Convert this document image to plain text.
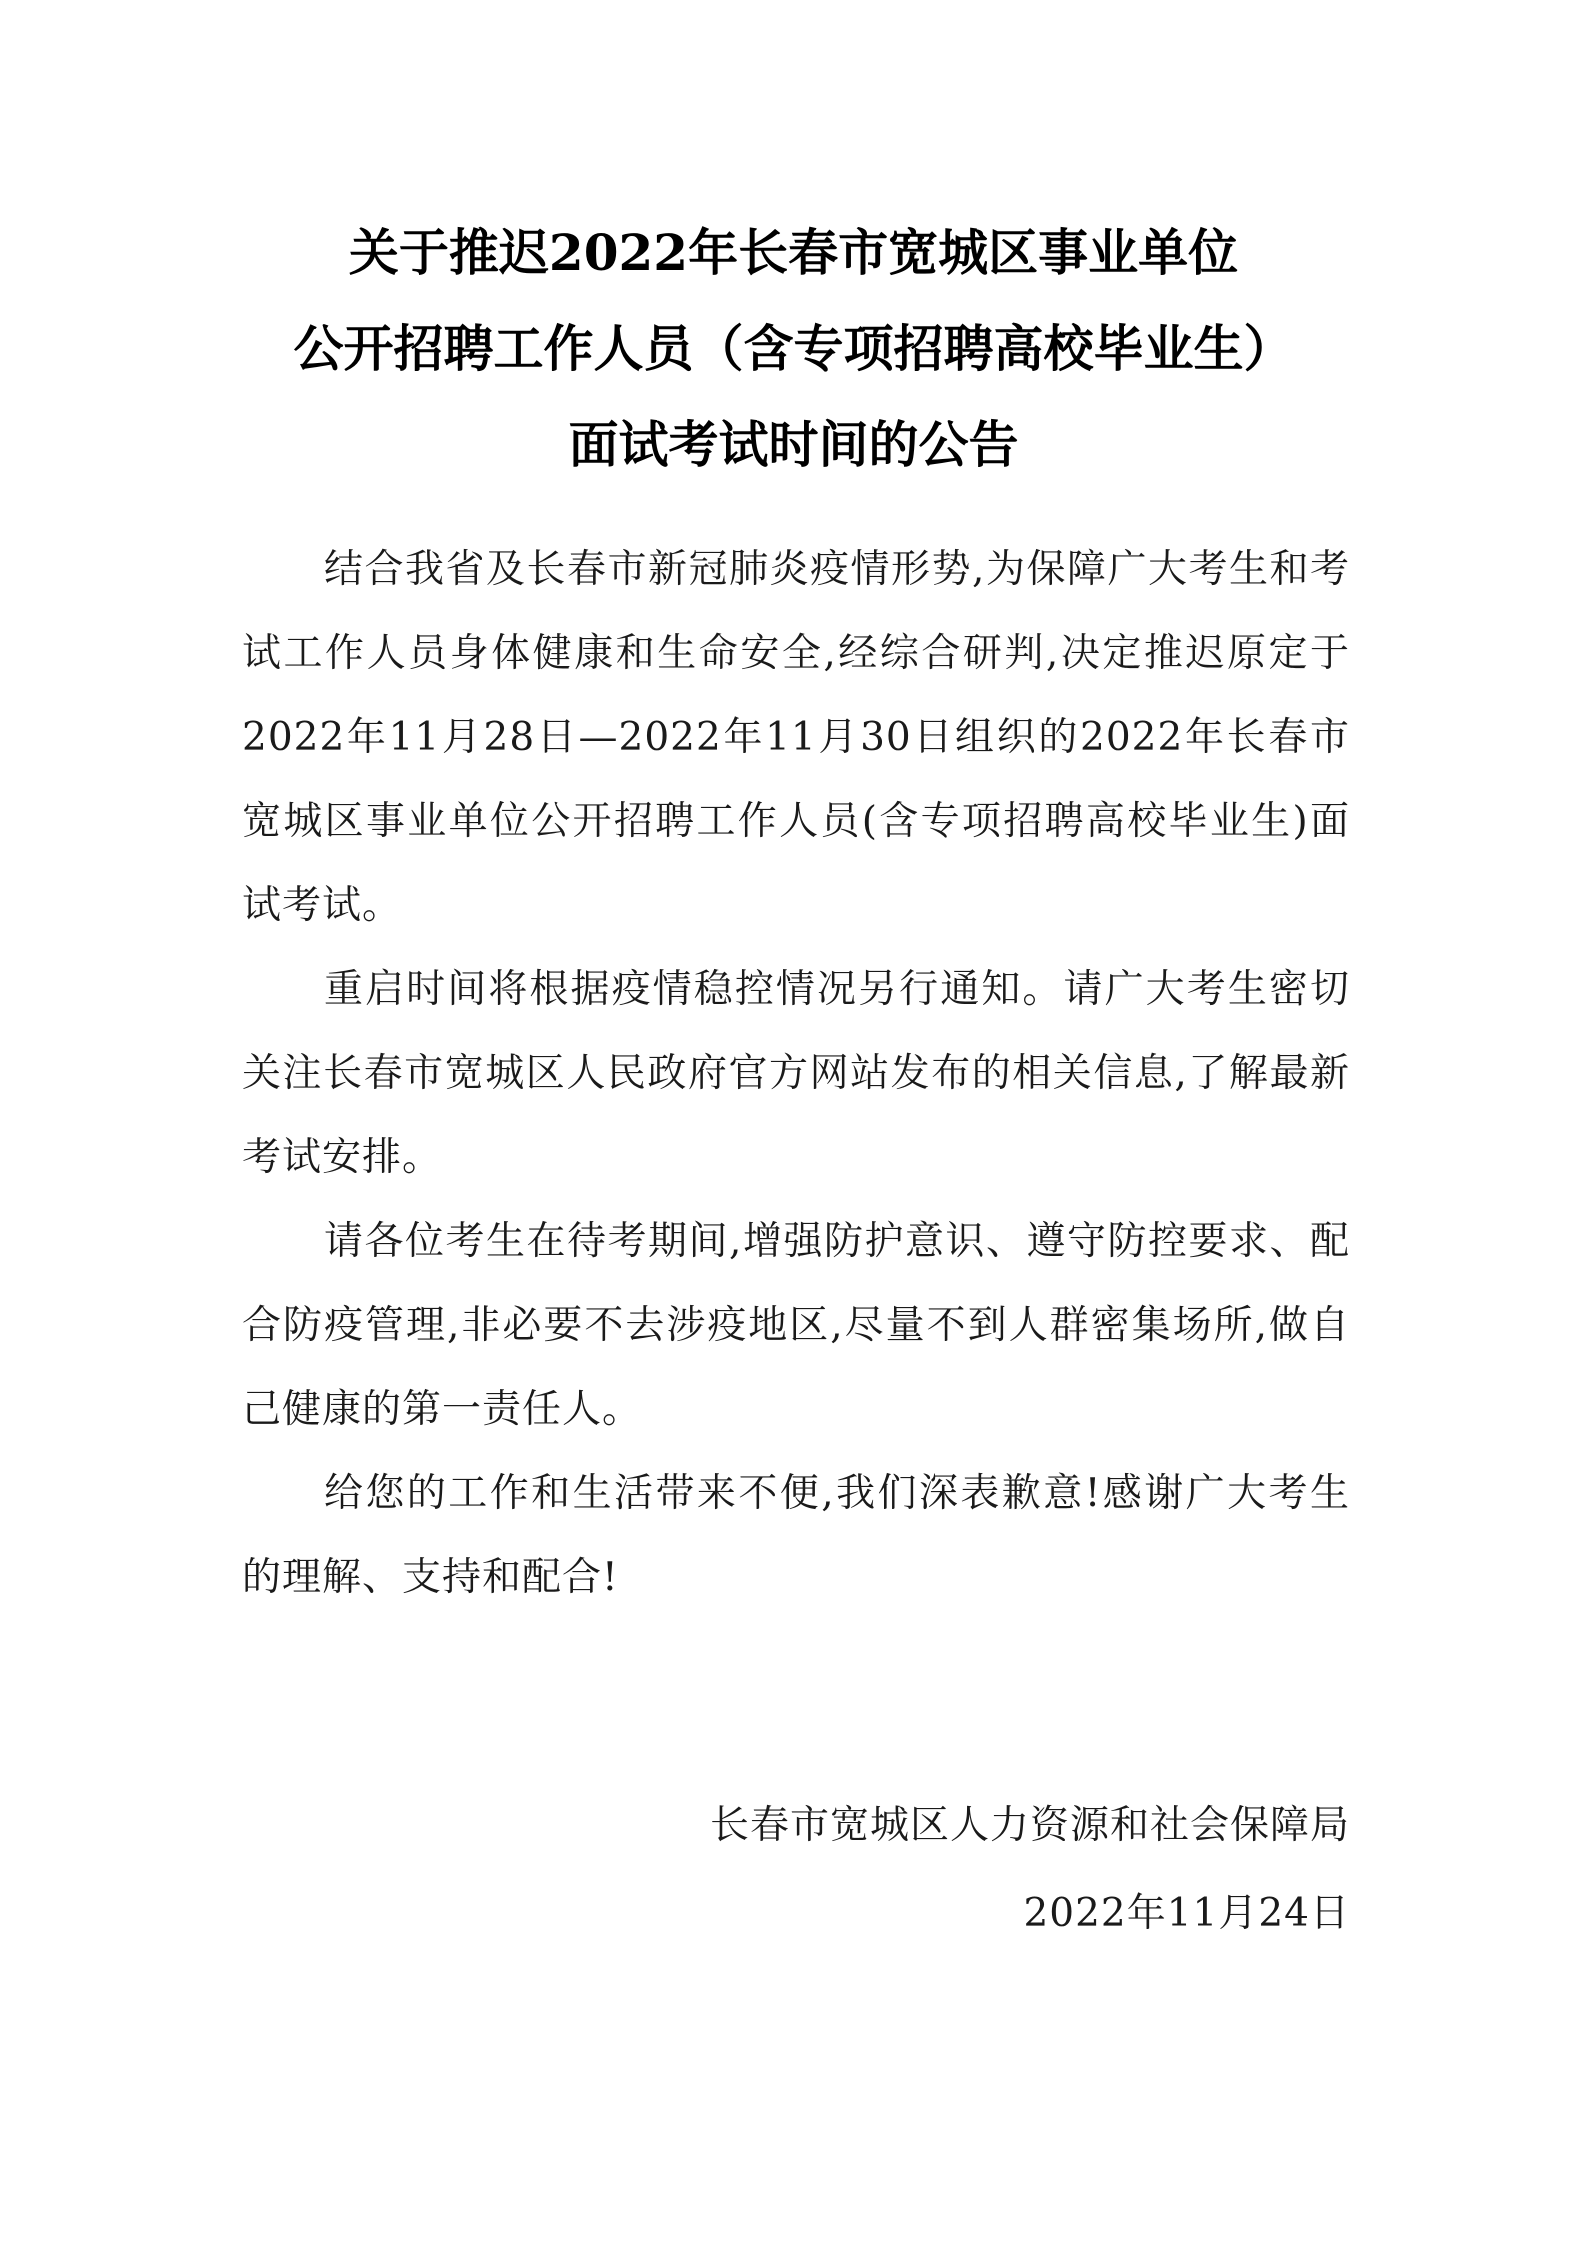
关于推迟2022年长春市宽城区事业单位
公开招聘工作人员（含专项招聘高校毕业生）
面试考试时间的公告

结合我省及长春市新冠肺炎疫情形势,为保障广大考生和考试工作人员身体健康和生命安全,经综合研判,决定推迟原定于2022年11月28日—2022年11月30日组织的2022年长春市宽城区事业单位公开招聘工作人员(含专项招聘高校毕业生)面试考试。

重启时间将根据疫情稳控情况另行通知。请广大考生密切关注长春市宽城区人民政府官方网站发布的相关信息,了解最新考试安排。

请各位考生在待考期间,增强防护意识、遵守防控要求、配合防疫管理,非必要不去涉疫地区,尽量不到人群密集场所,做自己健康的第一责任人。

给您的工作和生活带来不便,我们深表歉意!感谢广大考生的理解、支持和配合!

长春市宽城区人力资源和社会保障局
2022年11月24日
